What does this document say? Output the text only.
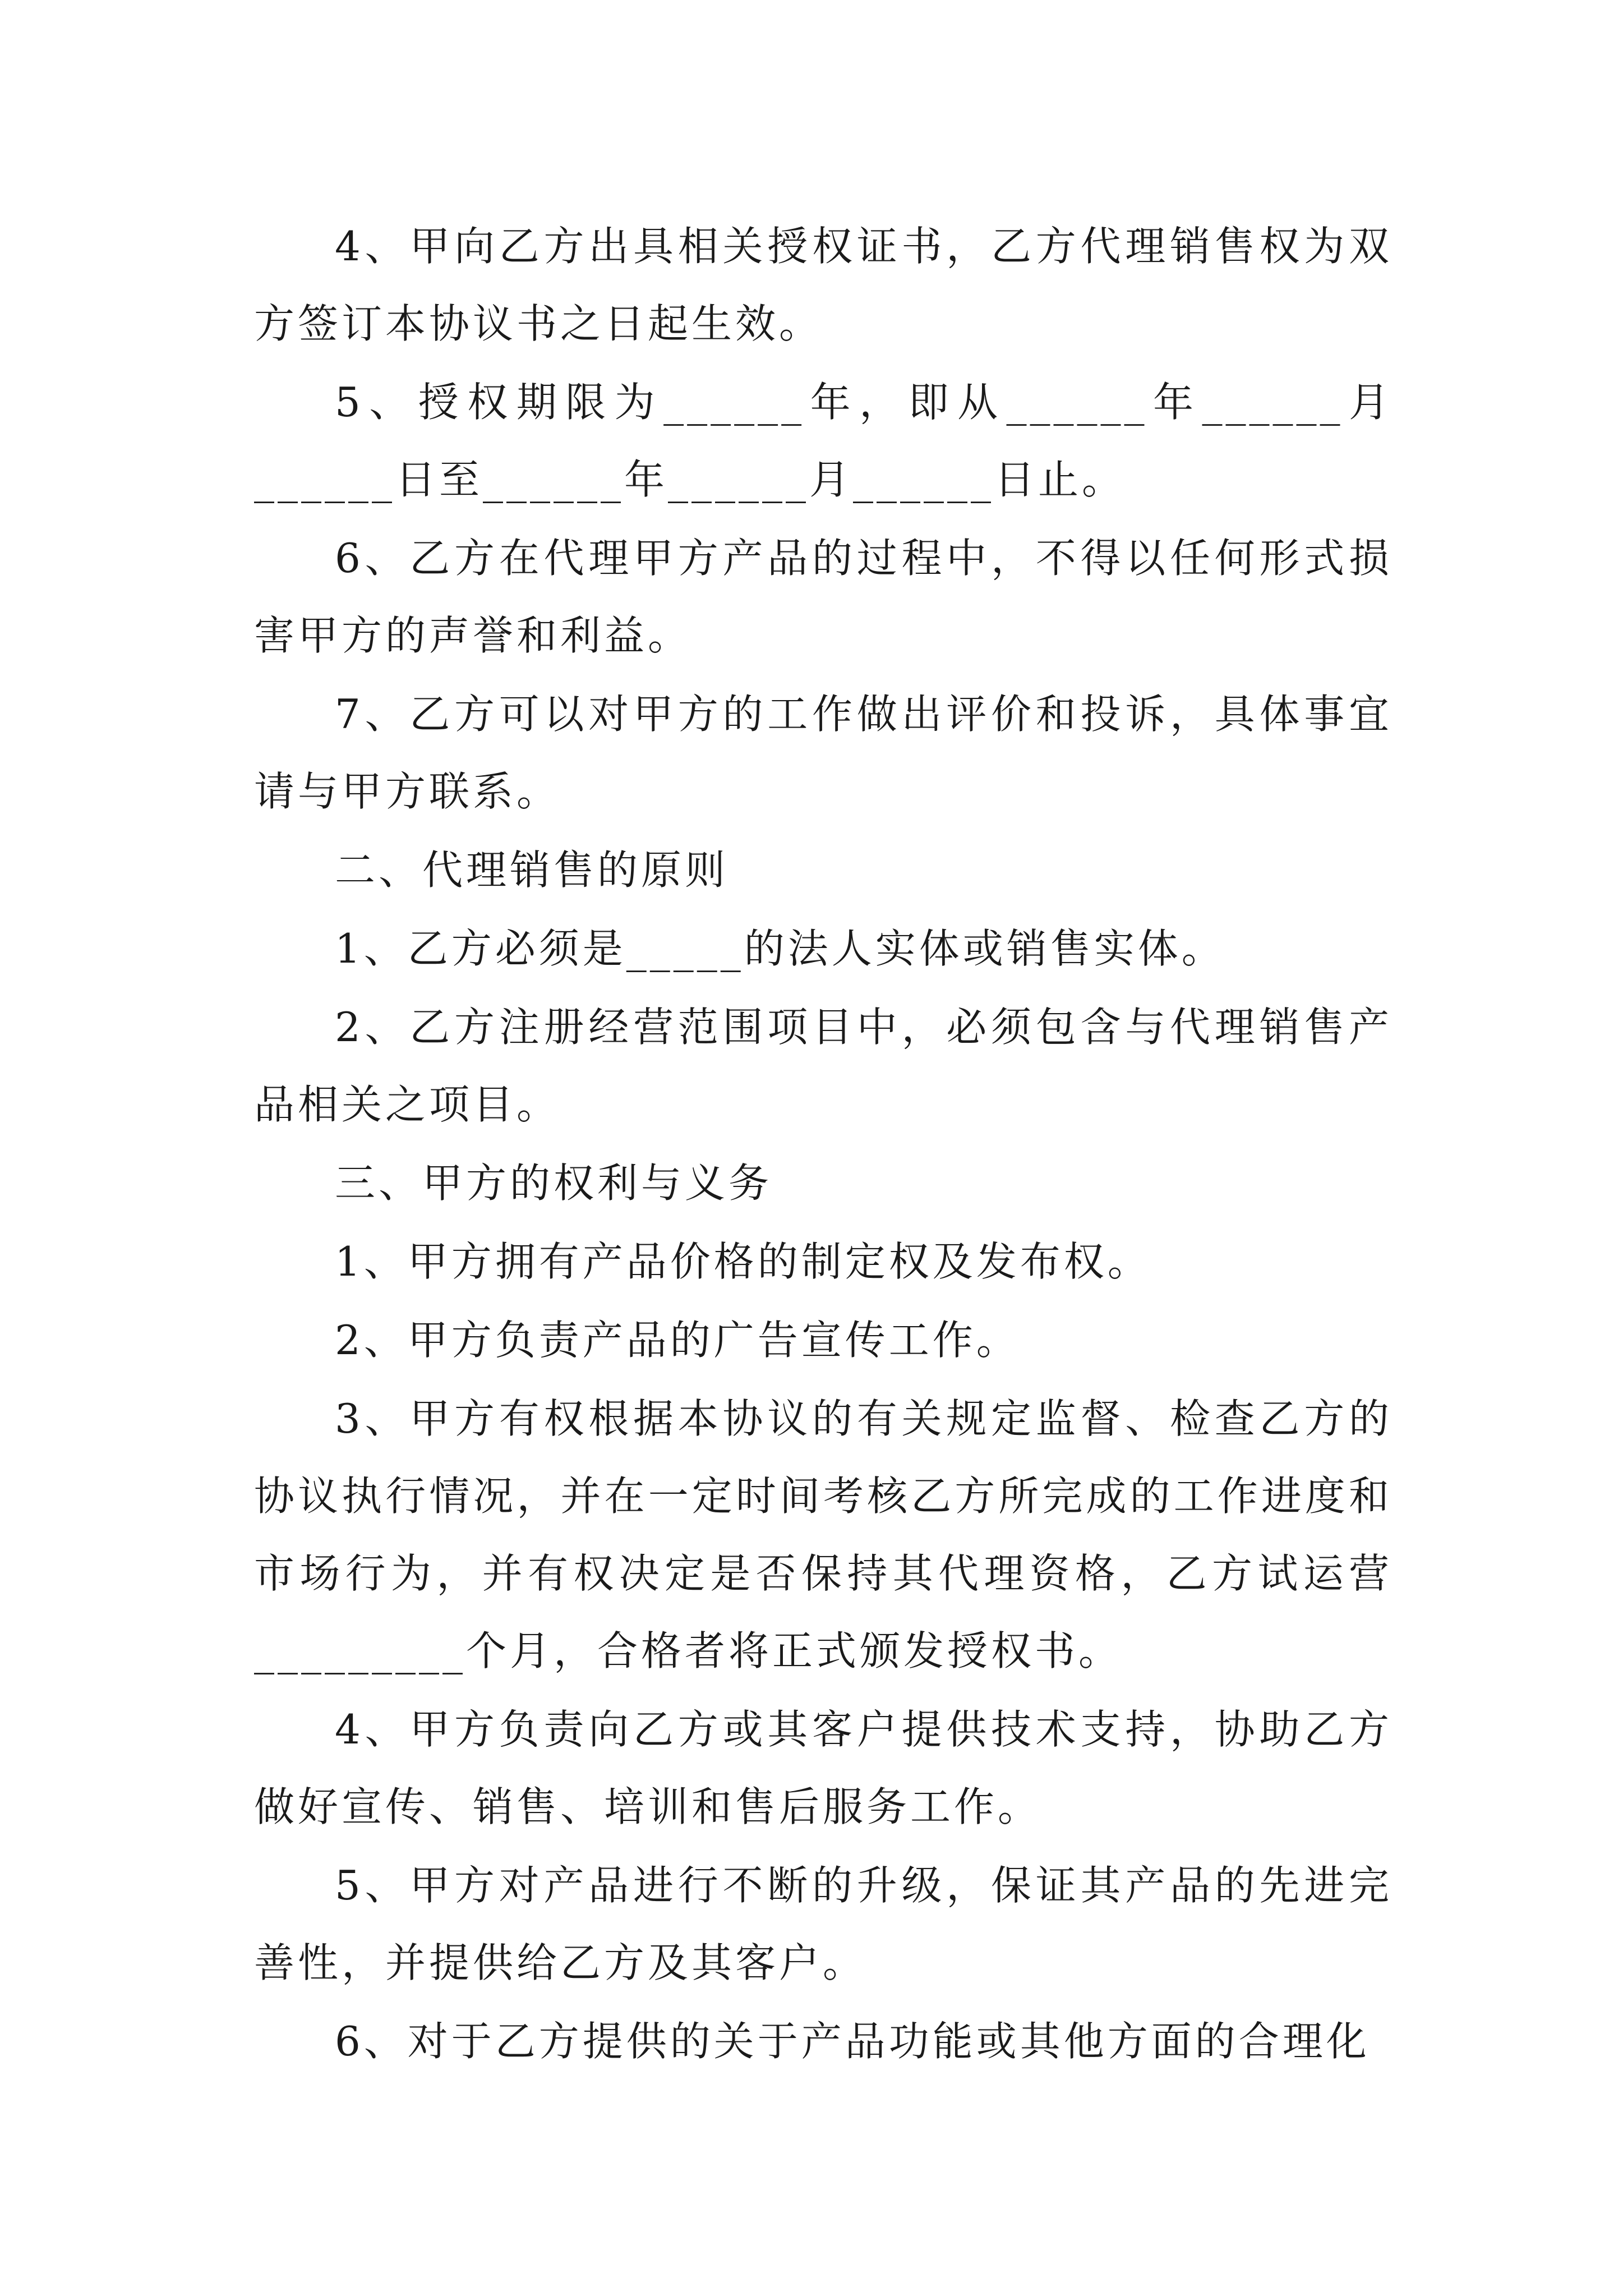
4、甲向乙方出具相关授权证书，乙方代理销售权为双方签订本协议书之日起生效。

5、授权期限为______年，即从______年______月______日至______年______月______日止。

6、乙方在代理甲方产品的过程中，不得以任何形式损害甲方的声誉和利益。

7、乙方可以对甲方的工作做出评价和投诉，具体事宜请与甲方联系。

二、代理销售的原则

1、乙方必须是_____的法人实体或销售实体。

2、乙方注册经营范围项目中，必须包含与代理销售产品相关之项目。

三、甲方的权利与义务

1、甲方拥有产品价格的制定权及发布权。

2、甲方负责产品的广告宣传工作。

3、甲方有权根据本协议的有关规定监督、检查乙方的协议执行情况，并在一定时间考核乙方所完成的工作进度和市场行为，并有权决定是否保持其代理资格，乙方试运营_________个月，合格者将正式颁发授权书。

4、甲方负责向乙方或其客户提供技术支持，协助乙方做好宣传、销售、培训和售后服务工作。

5、甲方对产品进行不断的升级，保证其产品的先进完善性，并提供给乙方及其客户。

6、对于乙方提供的关于产品功能或其他方面的合理化
